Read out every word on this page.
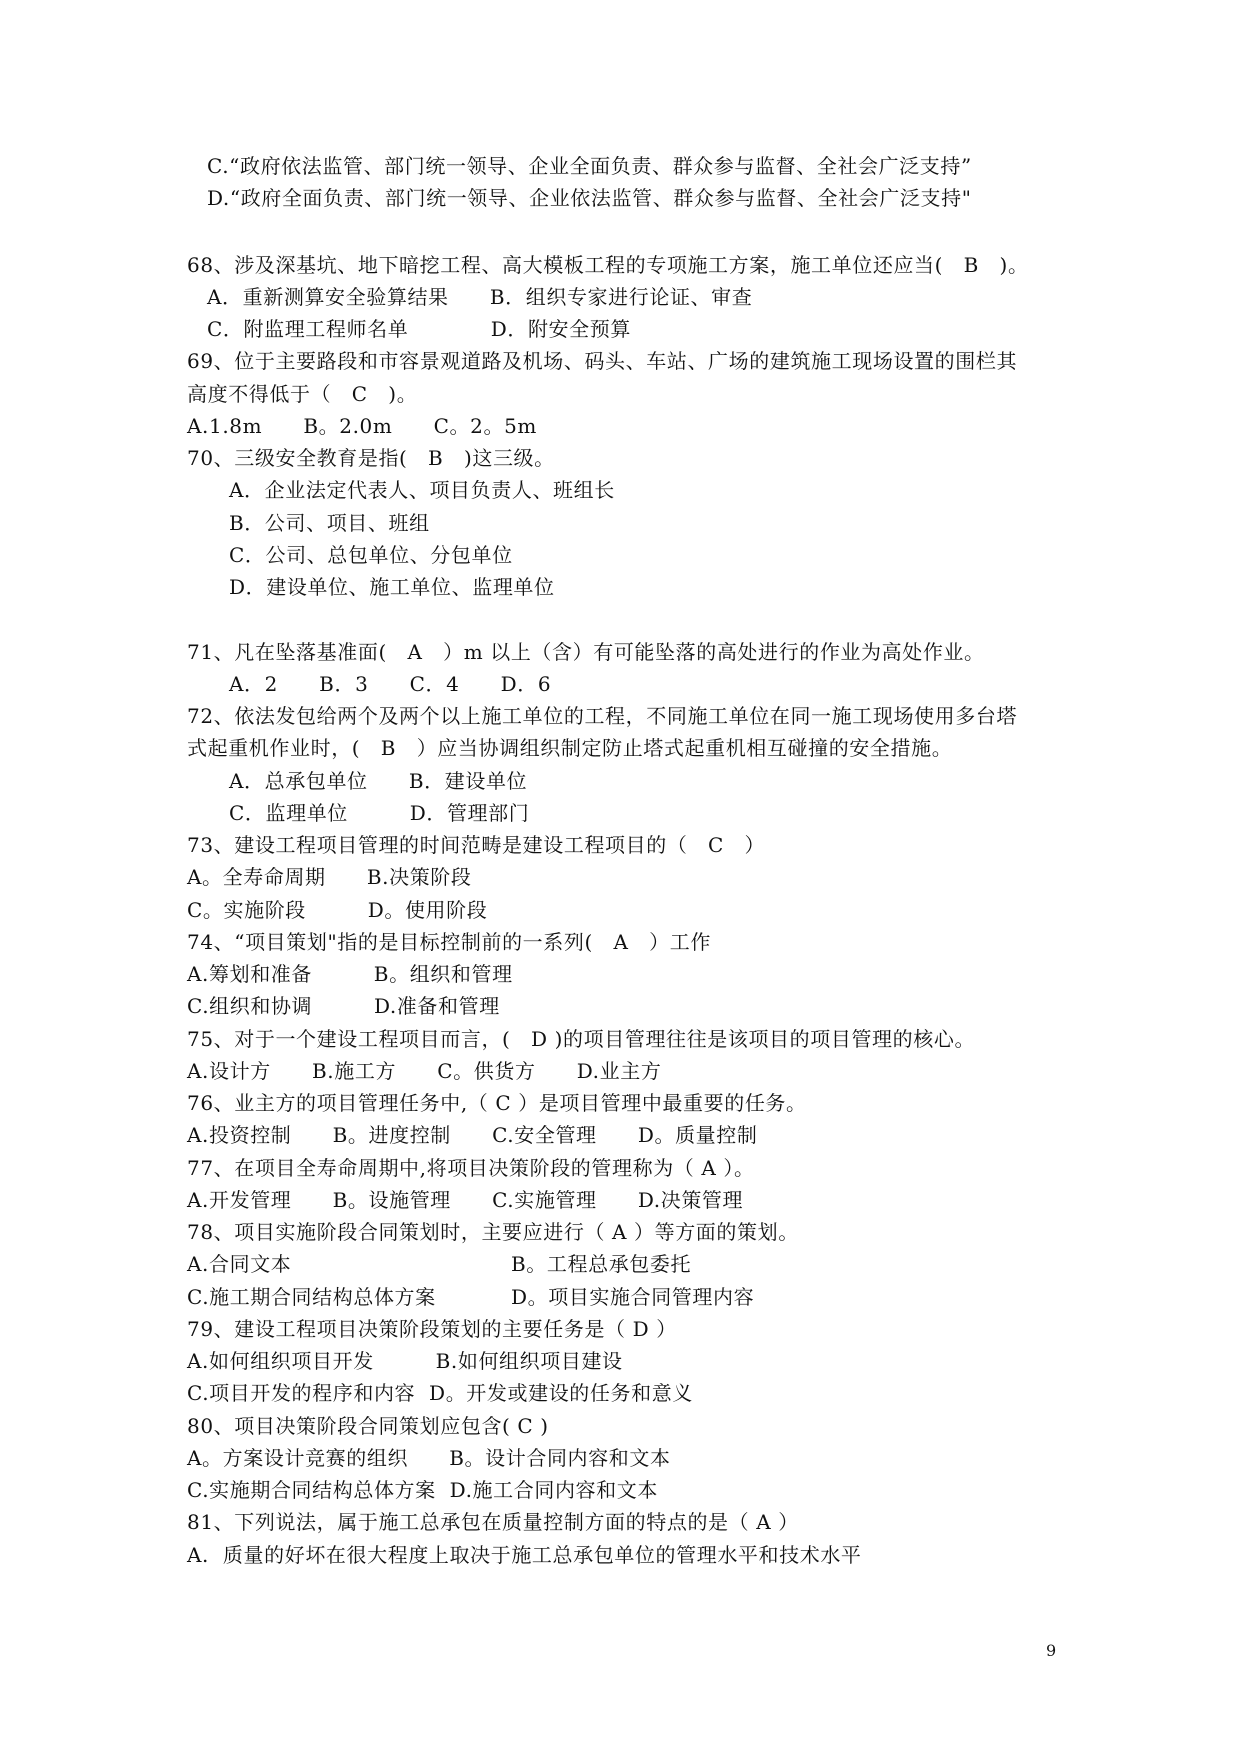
C.“政府依法监管、部门统一领导、企业全面负责、群众参与监督、全社会广泛支持”
D.“政府全面负责、部门统一领导、企业依法监管、群众参与监督、全社会广泛支持"
68、涉及深基坑、地下暗挖工程、高大模板工程的专项施工方案，施工单位还应当(　B　)。
A．重新测算安全验算结果　　B．组织专家进行论证、审查
C．附监理工程师名单　　　　D．附安全预算
69、位于主要路段和市容景观道路及机场、码头、车站、广场的建筑施工现场设置的围栏其
高度不得低于（　C　)。
A.1.8m　　B。2.0m　　C。2。5m
70、三级安全教育是指(　B　)这三级。
A．企业法定代表人、项目负责人、班组长
B．公司、项目、班组
C．公司、总包单位、分包单位
D．建设单位、施工单位、监理单位
71、凡在坠落基准面(　A　）m 以上（含）有可能坠落的高处进行的作业为高处作业。
A．2　　B．3　　C．4　　D．6
72、依法发包给两个及两个以上施工单位的工程，不同施工单位在同一施工现场使用多台塔
式起重机作业时，(　B　）应当协调组织制定防止塔式起重机相互碰撞的安全措施。
A．总承包单位　　B．建设单位
C．监理单位　　　D．管理部门
73、建设工程项目管理的时间范畴是建设工程项目的（　C　）
A。全寿命周期　　B.决策阶段
C。实施阶段　　　D。使用阶段
74、“项目策划"指的是目标控制前的一系列(　A　）工作
A.筹划和准备　　　B。组织和管理
C.组织和协调　　　D.准备和管理
75、对于一个建设工程项目而言，(　D )的项目管理往往是该项目的项目管理的核心。
A.设计方　　B.施工方　　C。供货方　　D.业主方
76、业主方的项目管理任务中,（ C ）是项目管理中最重要的任务。
A.投资控制　　B。进度控制　　C.安全管理　　D。质量控制
77、在项目全寿命周期中,将项目决策阶段的管理称为（ A ）。
A.开发管理　　B。设施管理　　C.实施管理　　D.决策管理
78、项目实施阶段合同策划时，主要应进行（ A ）等方面的策划。
A.合同文本	B。工程总承包委托
C.施工期合同结构总体方案	D。项目实施合同管理内容
79、建设工程项目决策阶段策划的主要任务是（ D ）
A.如何组织项目开发　　　B.如何组织项目建设
C.项目开发的程序和内容  D。开发或建设的任务和意义
80、项目决策阶段合同策划应包含( C )
A。方案设计竞赛的组织　　B。设计合同内容和文本
C.实施期合同结构总体方案  D.施工合同内容和文本
81、下列说法，属于施工总承包在质量控制方面的特点的是（ A ）
A.  质量的好坏在很大程度上取决于施工总承包单位的管理水平和技术水平
9
